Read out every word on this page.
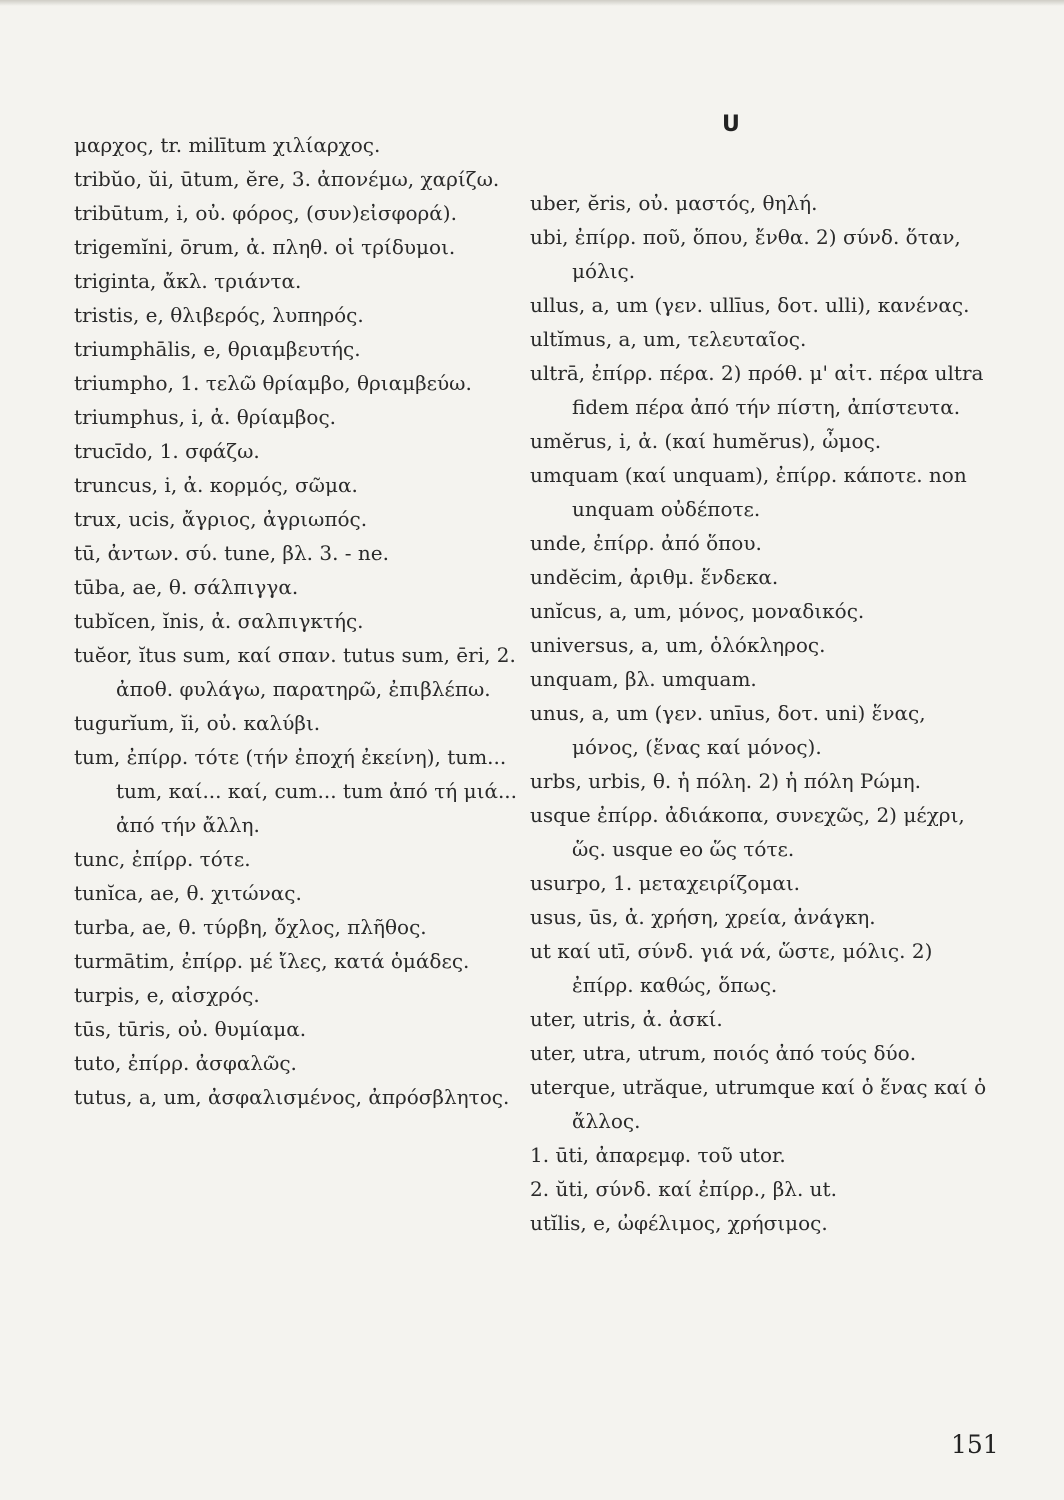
U

μαρχος, tr. milītum χιλίαρχος.

tribŭo, ŭi, ūtum, ĕre, 3. ἀπονέμω, χαρίζω.

tribūtum, i, οὐ. φόρος, (συν)εἰσφορά).

trigemĭni, ōrum, ἀ. πληθ. οἱ τρίδυμοι.

triginta, ἄκλ. τριάντα.

tristis, e, θλιβερός, λυπηρός.

triumphālis, e, θριαμβευτής.

triumpho, 1. τελῶ θρίαμβο, θριαμβεύω.

triumphus, i, ἀ. θρίαμβος.

trucīdo, 1. σφάζω.

truncus, i, ἀ. κορμός, σῶμα.

trux, ucis, ἄγριος, ἀγριωπός.

tū, ἀντων. σύ. tune, βλ. 3. - ne.

tūba, ae, θ. σάλπιγγα.

tubĭcen, ĭnis, ἀ. σαλπιγκτής.

tuĕor, ĭtus sum, καί σπαν. tutus sum, ēri, 2. ἀποθ. φυλάγω, παρατηρῶ, ἐπιβλέπω.

tugurĭum, ĭi, οὐ. καλύβι.

tum, ἐπίρρ. τότε (τήν ἐποχή ἐκείνη), tum... tum, καί... καί, cum... tum ἀπό τή μιά... ἀπό τήν ἄλλη.

tunc, ἐπίρρ. τότε.

tunĭca, ae, θ. χιτώνας.

turba, ae, θ. τύρβη, ὄχλος, πλῆθος.

turmātim, ἐπίρρ. μέ ἴλες, κατά ὁμάδες.

turpis, e, αἰσχρός.

tūs, tūris, οὐ. θυμίαμα.

tuto, ἐπίρρ. ἀσφαλῶς.

tutus, a, um, ἀσφαλισμένος, ἀπρόσβλητος.

uber, ĕris, οὐ. μαστός, θηλή.

ubi, ἐπίρρ. ποῦ, ὅπου, ἔνθα. 2) σύνδ. ὅταν, μόλις.

ullus, a, um (γεν. ullīus, δοτ. ulli), κανένας.

ultĭmus, a, um, τελευταῖος.

ultrā, ἐπίρρ. πέρα. 2) πρόθ. μ' αἰτ. πέρα ultra fidem πέρα ἀπό τήν πίστη, ἀπίστευτα.

umĕrus, i, ἀ. (καί humĕrus), ὦμος.

umquam (καί unquam), ἐπίρρ. κάποτε. non unquam οὐδέποτε.

unde, ἐπίρρ. ἀπό ὅπου.

undĕcim, ἀριθμ. ἕνδεκα.

unĭcus, a, um, μόνος, μοναδικός.

universus, a, um, ὁλόκληρος.

unquam, βλ. umquam.

unus, a, um (γεν. unīus, δοτ. uni) ἕνας, μόνος, (ἕνας καί μόνος).

urbs, urbis, θ. ἡ πόλη. 2) ἡ πόλη Ρώμη.

usque ἐπίρρ. ἀδιάκοπα, συνεχῶς, 2) μέχρι, ὥς. usque eo ὥς τότε.

usurpo, 1. μεταχειρίζομαι.

usus, ūs, ἀ. χρήση, χρεία, ἀνάγκη.

ut καί utī, σύνδ. γιά νά, ὥστε, μόλις. 2) ἐπίρρ. καθώς, ὅπως.

uter, utris, ἀ. ἀσκί.

uter, utra, utrum, ποιός ἀπό τούς δύο.

uterque, utrăque, utrumque καί ὁ ἕνας καί ὁ ἄλλος.

1. ūti, ἀπαρεμφ. τοῦ utor.

2. ŭti, σύνδ. καί ἐπίρρ., βλ. ut.

utĭlis, e, ὠφέλιμος, χρήσιμος.

151
